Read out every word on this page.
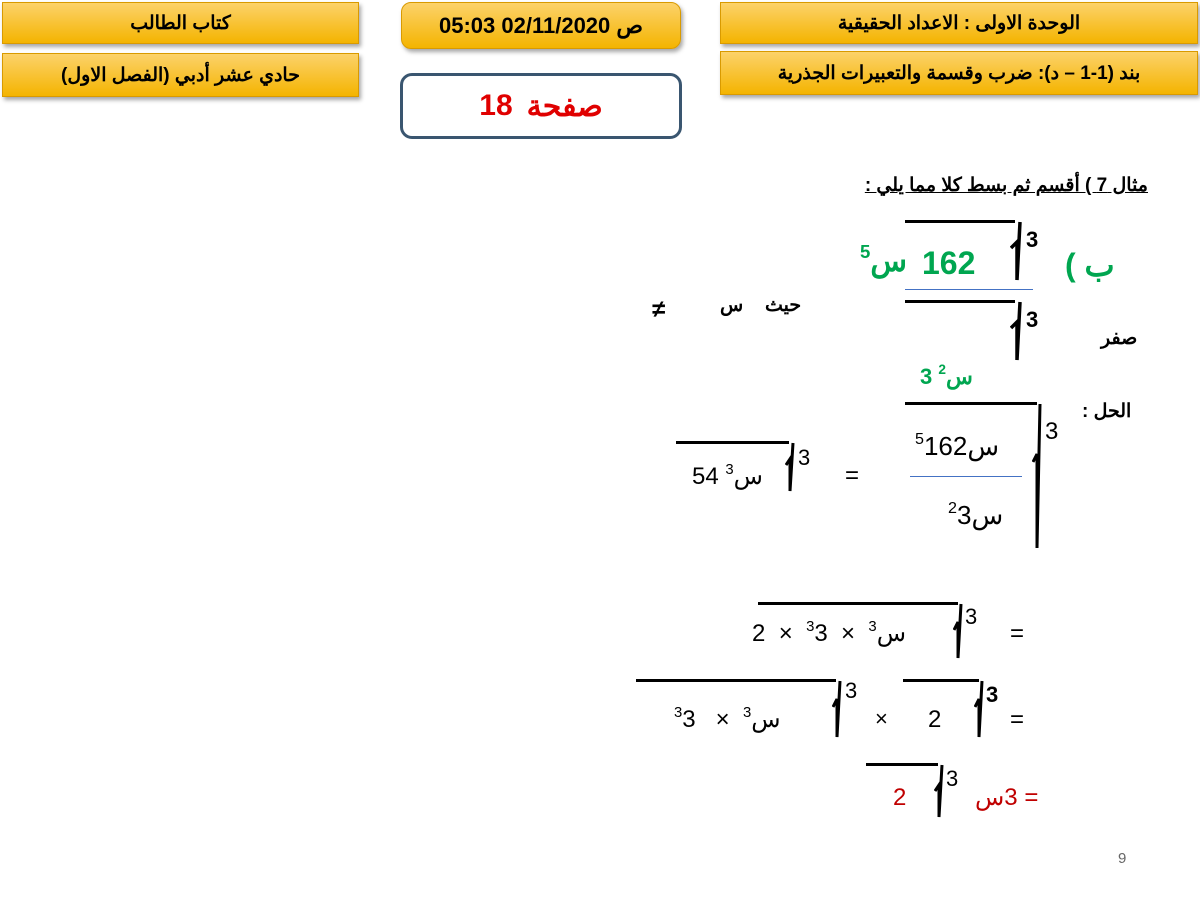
كتاب الطالب
حادي عشر أدبي (الفصل الاول)
05:03 02/11/2020 ص	الوحدة الاولى : الاعداد الحقيقية
بند (1-1 – د): ضرب وقسمة والتعبيرات الجذرية
صفحة
18
مثال 7 ) أقسم ثم بسط كلا مما يلي :
3
س$^5$	162	ب )
3
س$^2$ 3
حيث
س
≠
صفر
الحل :
3
س$^5$162
س$^2$3
=
3
س$^3$ 54
=
3
س$^3$  ×  $^3$3  ×  2
=
3
2
×
3
س$^3$  ×   $^3$3
= 3س
3
2
9
